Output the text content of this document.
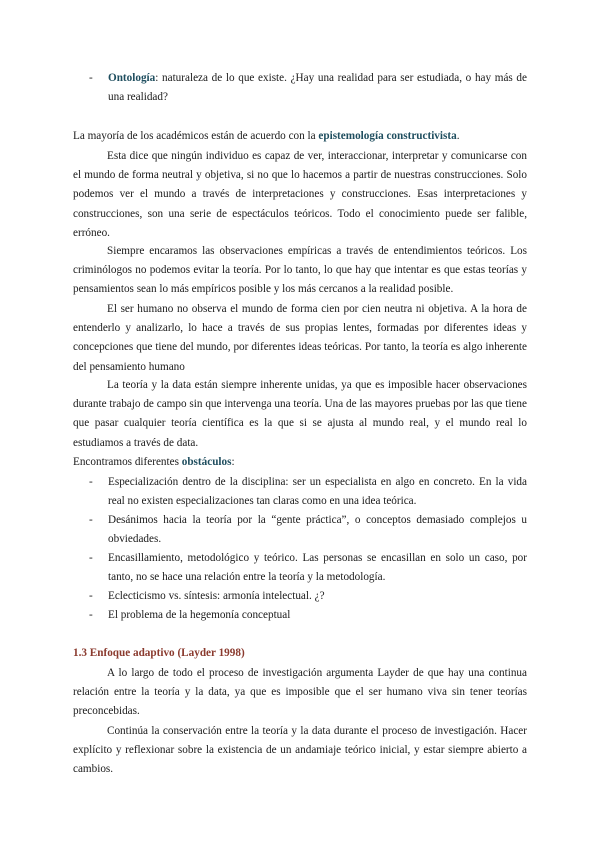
- Ontología: naturaleza de lo que existe. ¿Hay una realidad para ser estudiada, o hay más de una realidad?

La mayoría de los académicos están de acuerdo con la epistemología constructivista.

Esta dice que ningún individuo es capaz de ver, interaccionar, interpretar y comunicarse con el mundo de forma neutral y objetiva, si no que lo hacemos a partir de nuestras construcciones. Solo podemos ver el mundo a través de interpretaciones y construcciones. Esas interpretaciones y construcciones, son una serie de espectáculos teóricos. Todo el conocimiento puede ser falible, erróneo.

Siempre encaramos las observaciones empíricas a través de entendimientos teóricos. Los criminólogos no podemos evitar la teoría. Por lo tanto, lo que hay que intentar es que estas teorías y pensamientos sean lo más empíricos posible y los más cercanos a la realidad posible.

El ser humano no observa el mundo de forma cien por cien neutra ni objetiva. A la hora de entenderlo y analizarlo, lo hace a través de sus propias lentes, formadas por diferentes ideas y concepciones que tiene del mundo, por diferentes ideas teóricas. Por tanto, la teoría es algo inherente del pensamiento humano

La teoría y la data están siempre inherente unidas, ya que es imposible hacer observaciones durante trabajo de campo sin que intervenga una teoría. Una de las mayores pruebas por las que tiene que pasar cualquier teoría científica es la que si se ajusta al mundo real, y el mundo real lo estudiamos a través de data.

Encontramos diferentes obstáculos:

- Especialización dentro de la disciplina: ser un especialista en algo en concreto. En la vida real no existen especializaciones tan claras como en una idea teórica.
- Desánimos hacia la teoría por la “gente práctica”, o conceptos demasiado complejos u obviedades.
- Encasillamiento, metodológico y teórico. Las personas se encasillan en solo un caso, por tanto, no se hace una relación entre la teoría y la metodología.
- Eclecticismo vs. síntesis: armonía intelectual. ¿?
- El problema de la hegemonía conceptual

1.3 Enfoque adaptivo (Layder 1998)

A lo largo de todo el proceso de investigación argumenta Layder de que hay una continua relación entre la teoría y la data, ya que es imposible que el ser humano viva sin tener teorías preconcebidas.

Continúa la conservación entre la teoría y la data durante el proceso de investigación. Hacer explícito y reflexionar sobre la existencia de un andamiaje teórico inicial, y estar siempre abierto a cambios.
